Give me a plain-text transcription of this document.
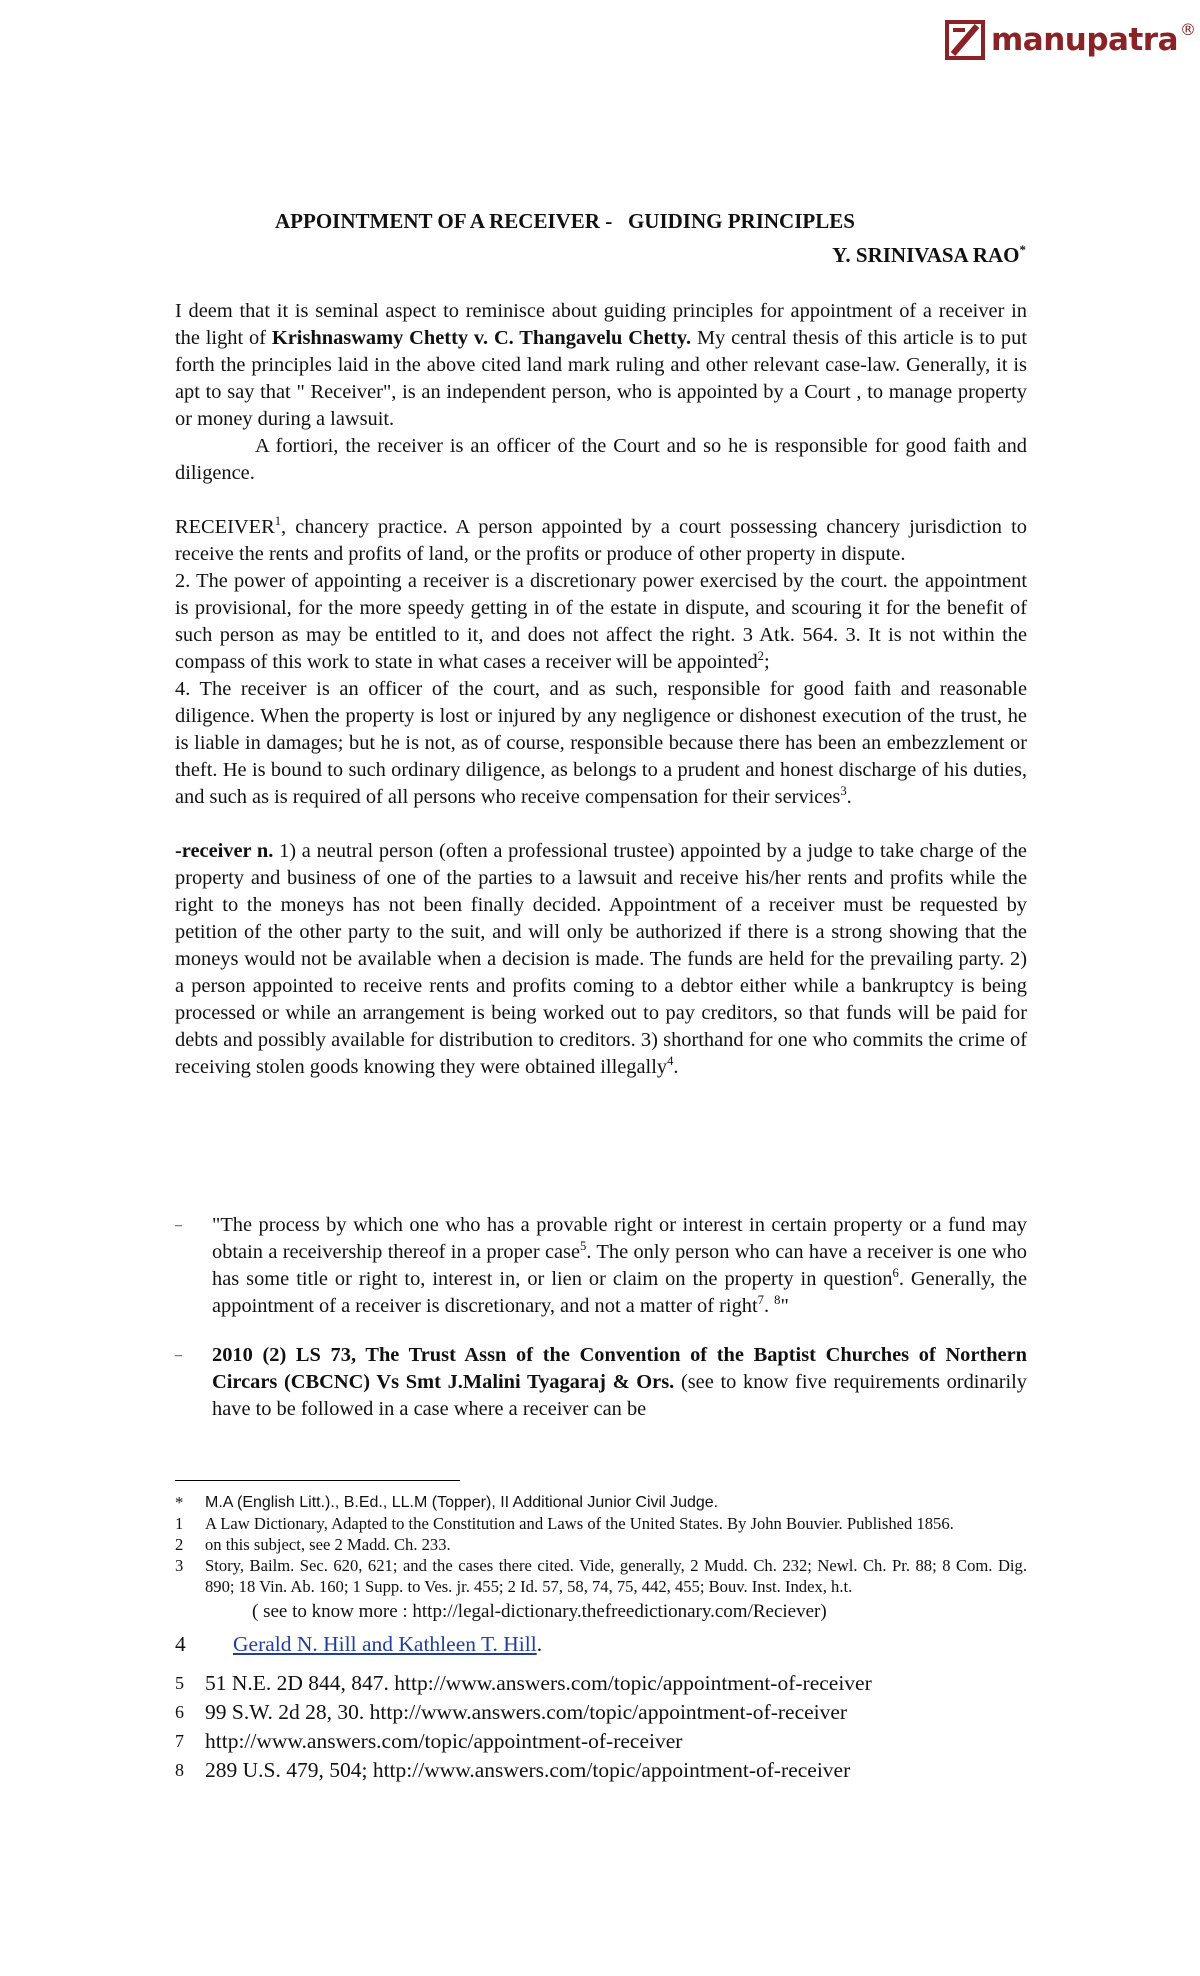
manupatra ®
APPOINTMENT OF A RECEIVER -   GUIDING PRINCIPLES
Y. SRINIVASA RAO*

I deem that it is seminal aspect to reminisce about guiding principles for appointment of a receiver in the light of Krishnaswamy Chetty v. C. Thangavelu Chetty. My central thesis of this article is to put forth the principles laid in the above cited land mark ruling and other relevant case-law. Generally, it is apt to say that " Receiver", is an independent person, who is appointed by a Court , to manage property or money during a lawsuit.

A fortiori, the receiver is an officer of the Court and so he is responsible for good faith and diligence.

RECEIVER$^1$, chancery practice. A person appointed by a court possessing chancery jurisdiction to receive the rents and profits of land, or the profits or produce of other property in dispute.

2. The power of appointing a receiver is a discretionary power exercised by the court. the appointment is provisional, for the more speedy getting in of the estate in dispute, and scouring it for the benefit of such person as may be entitled to it, and does not affect the right. 3 Atk. 564. 3. It is not within the compass of this work to state in what cases a receiver will be appointed$^2$;

4. The receiver is an officer of the court, and as such, responsible for good faith and reasonable diligence. When the property is lost or injured by any negligence or dishonest execution of the trust, he is liable in damages; but he is not, as of course, responsible because there has been an embezzlement or theft. He is bound to such ordinary diligence, as belongs to a prudent and honest discharge of his duties, and such as is required of all persons who receive compensation for their services$^3$.

-receiver n. 1) a neutral person (often a professional trustee) appointed by a judge to take charge of the property and business of one of the parties to a lawsuit and receive his/her rents and profits while the right to the moneys has not been finally decided. Appointment of a receiver must be requested by petition of the other party to the suit, and will only be authorized if there is a strong showing that the moneys would not be available when a decision is made. The funds are held for the prevailing party. 2) a person appointed to receive rents and profits coming to a debtor either while a bankruptcy is being processed or while an arrangement is being worked out to pay creditors, so that funds will be paid for debts and possibly available for distribution to creditors. 3) shorthand for one who commits the crime of receiving stolen goods knowing they were obtained illegally$^4$.

–	"The process by which one who has a provable right or interest in certain property or a fund may obtain a receivership thereof in a proper case$^5$. The only person who can have a receiver is one who has some title or right to, interest in, or lien or claim on the property in question$^6$. Generally, the appointment of a receiver is discretionary, and not a matter of right$^7$. $^8$"
–	2010 (2) LS 73, The Trust Assn of the Convention of the Baptist Churches of Northern Circars (CBCNC) Vs Smt J.Malini Tyagaraj & Ors. (see to know five requirements ordinarily have to be followed in a case where a receiver can be
*	M.A (English Litt.)., B.Ed., LL.M (Topper), II Additional Junior Civil Judge.
1	A Law Dictionary, Adapted to the Constitution and Laws of the United States. By John Bouvier. Published 1856.
2	on this subject, see 2 Madd. Ch. 233.
3	Story, Bailm. Sec. 620, 621; and the cases there cited. Vide, generally, 2 Mudd. Ch. 232; Newl. Ch. Pr. 88; 8 Com. Dig. 890; 18 Vin. Ab. 160; 1 Supp. to Ves. jr. 455; 2 Id. 57, 58, 74, 75, 442, 455; Bouv. Inst. Index, h.t.
( see to know more : http://legal-dictionary.thefreedictionary.com/Reciever)
4	Gerald N. Hill and Kathleen T. Hill.
5 51 N.E. 2D 844, 847. http://www.answers.com/topic/appointment-of-receiver
6 99 S.W. 2d 28, 30. http://www.answers.com/topic/appointment-of-receiver
7 http://www.answers.com/topic/appointment-of-receiver
8 289 U.S. 479, 504; http://www.answers.com/topic/appointment-of-receiver
